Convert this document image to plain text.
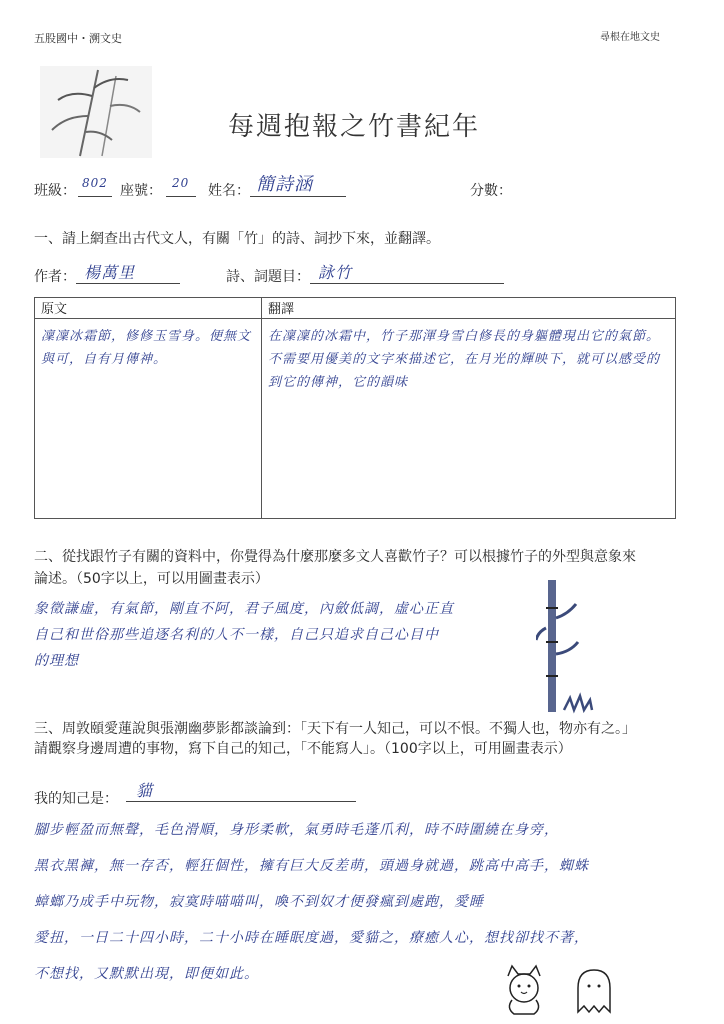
五股國中・溯文史	尋根在地文史
每週抱報之竹書紀年
班級： 802 座號： 20 姓名： 簡詩涵	分數：
一、請上網查出古代文人，有關「竹」的詩、詞抄下來，並翻譯。
作者： 楊萬里	詩、詞題目： 詠竹
原文	翻譯

凜凜冰霜節，修修玉雪身。便無文與可，自有月傳神。	在凜凜的冰霜中，竹子那渾身雪白修長的身軀體現出它的氣節。不需要用優美的文字來描述它，在月光的輝映下，就可以感受的到它的傳神，它的韻味
二、從找跟竹子有關的資料中，你覺得為什麼那麼多文人喜歡竹子？可以根據竹子的外型與意象來
論述。（50字以上，可以用圖畫表示）
象徵謙虛，有氣節，剛直不阿，君子風度，內斂低調，虛心正直
自己和世俗那些追逐名利的人不一樣，自己只追求自己心目中
的理想
三、周敦頤愛蓮說與張潮幽夢影都談論到：「天下有一人知己，可以不恨。不獨人也，物亦有之。」
請觀察身邊周遭的事物，寫下自己的知己，「不能寫人」。（100字以上，可用圖畫表示）
我的知己是： 貓
腳步輕盈而無聲，毛色滑順，身形柔軟，氣勇時毛蓬爪利，時不時圍繞在身旁，
黑衣黑褲，無一存否，輕狂個性，擁有巨大反差萌，頭過身就過，跳高中高手，蜘蛛
蟑螂乃成手中玩物，寂寞時喵喵叫，喚不到奴才便發瘋到處跑，愛睡
愛扭，一日二十四小時，二十小時在睡眠度過，愛貓之，療癒人心，想找卻找不著，
不想找，又默默出現，即便如此。
